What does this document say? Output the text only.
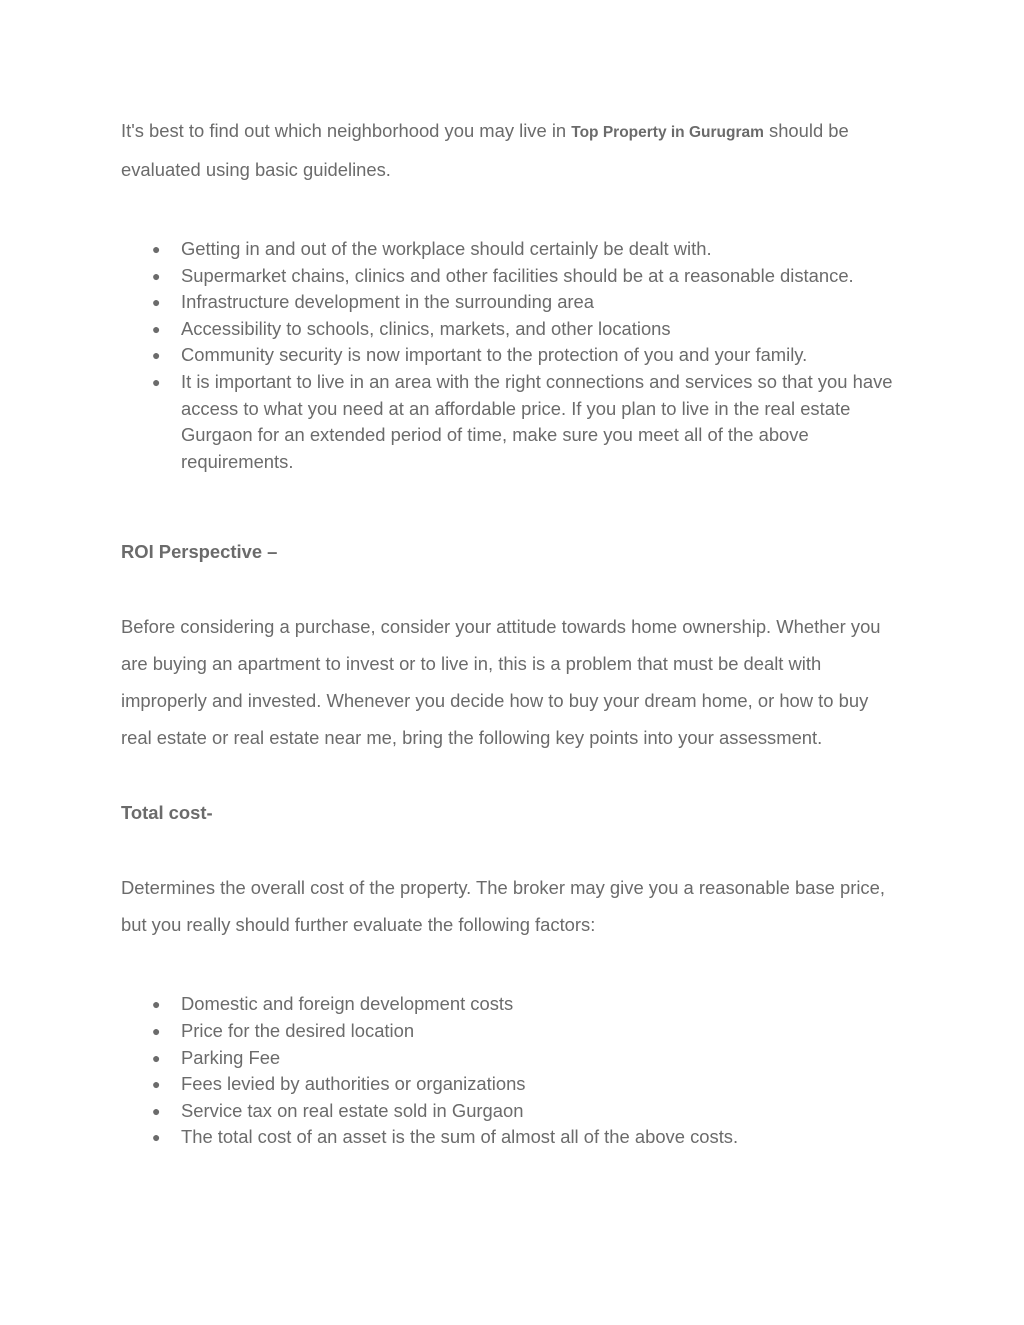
It's best to find out which neighborhood you may live in Top Property in Gurugram should be evaluated using basic guidelines.

● Getting in and out of the workplace should certainly be dealt with.
● Supermarket chains, clinics and other facilities should be at a reasonable distance.
● Infrastructure development in the surrounding area
● Accessibility to schools, clinics, markets, and other locations
● Community security is now important to the protection of you and your family.
● It is important to live in an area with the right connections and services so that you have access to what you need at an affordable price. If you plan to live in the real estate Gurgaon for an extended period of time, make sure you meet all of the above requirements.

ROI Perspective –

Before considering a purchase, consider your attitude towards home ownership. Whether you are buying an apartment to invest or to live in, this is a problem that must be dealt with improperly and invested. Whenever you decide how to buy your dream home, or how to buy real estate or real estate near me, bring the following key points into your assessment.

Total cost-

Determines the overall cost of the property. The broker may give you a reasonable base price, but you really should further evaluate the following factors:

● Domestic and foreign development costs
● Price for the desired location
● Parking Fee
● Fees levied by authorities or organizations
● Service tax on real estate sold in Gurgaon
● The total cost of an asset is the sum of almost all of the above costs.
